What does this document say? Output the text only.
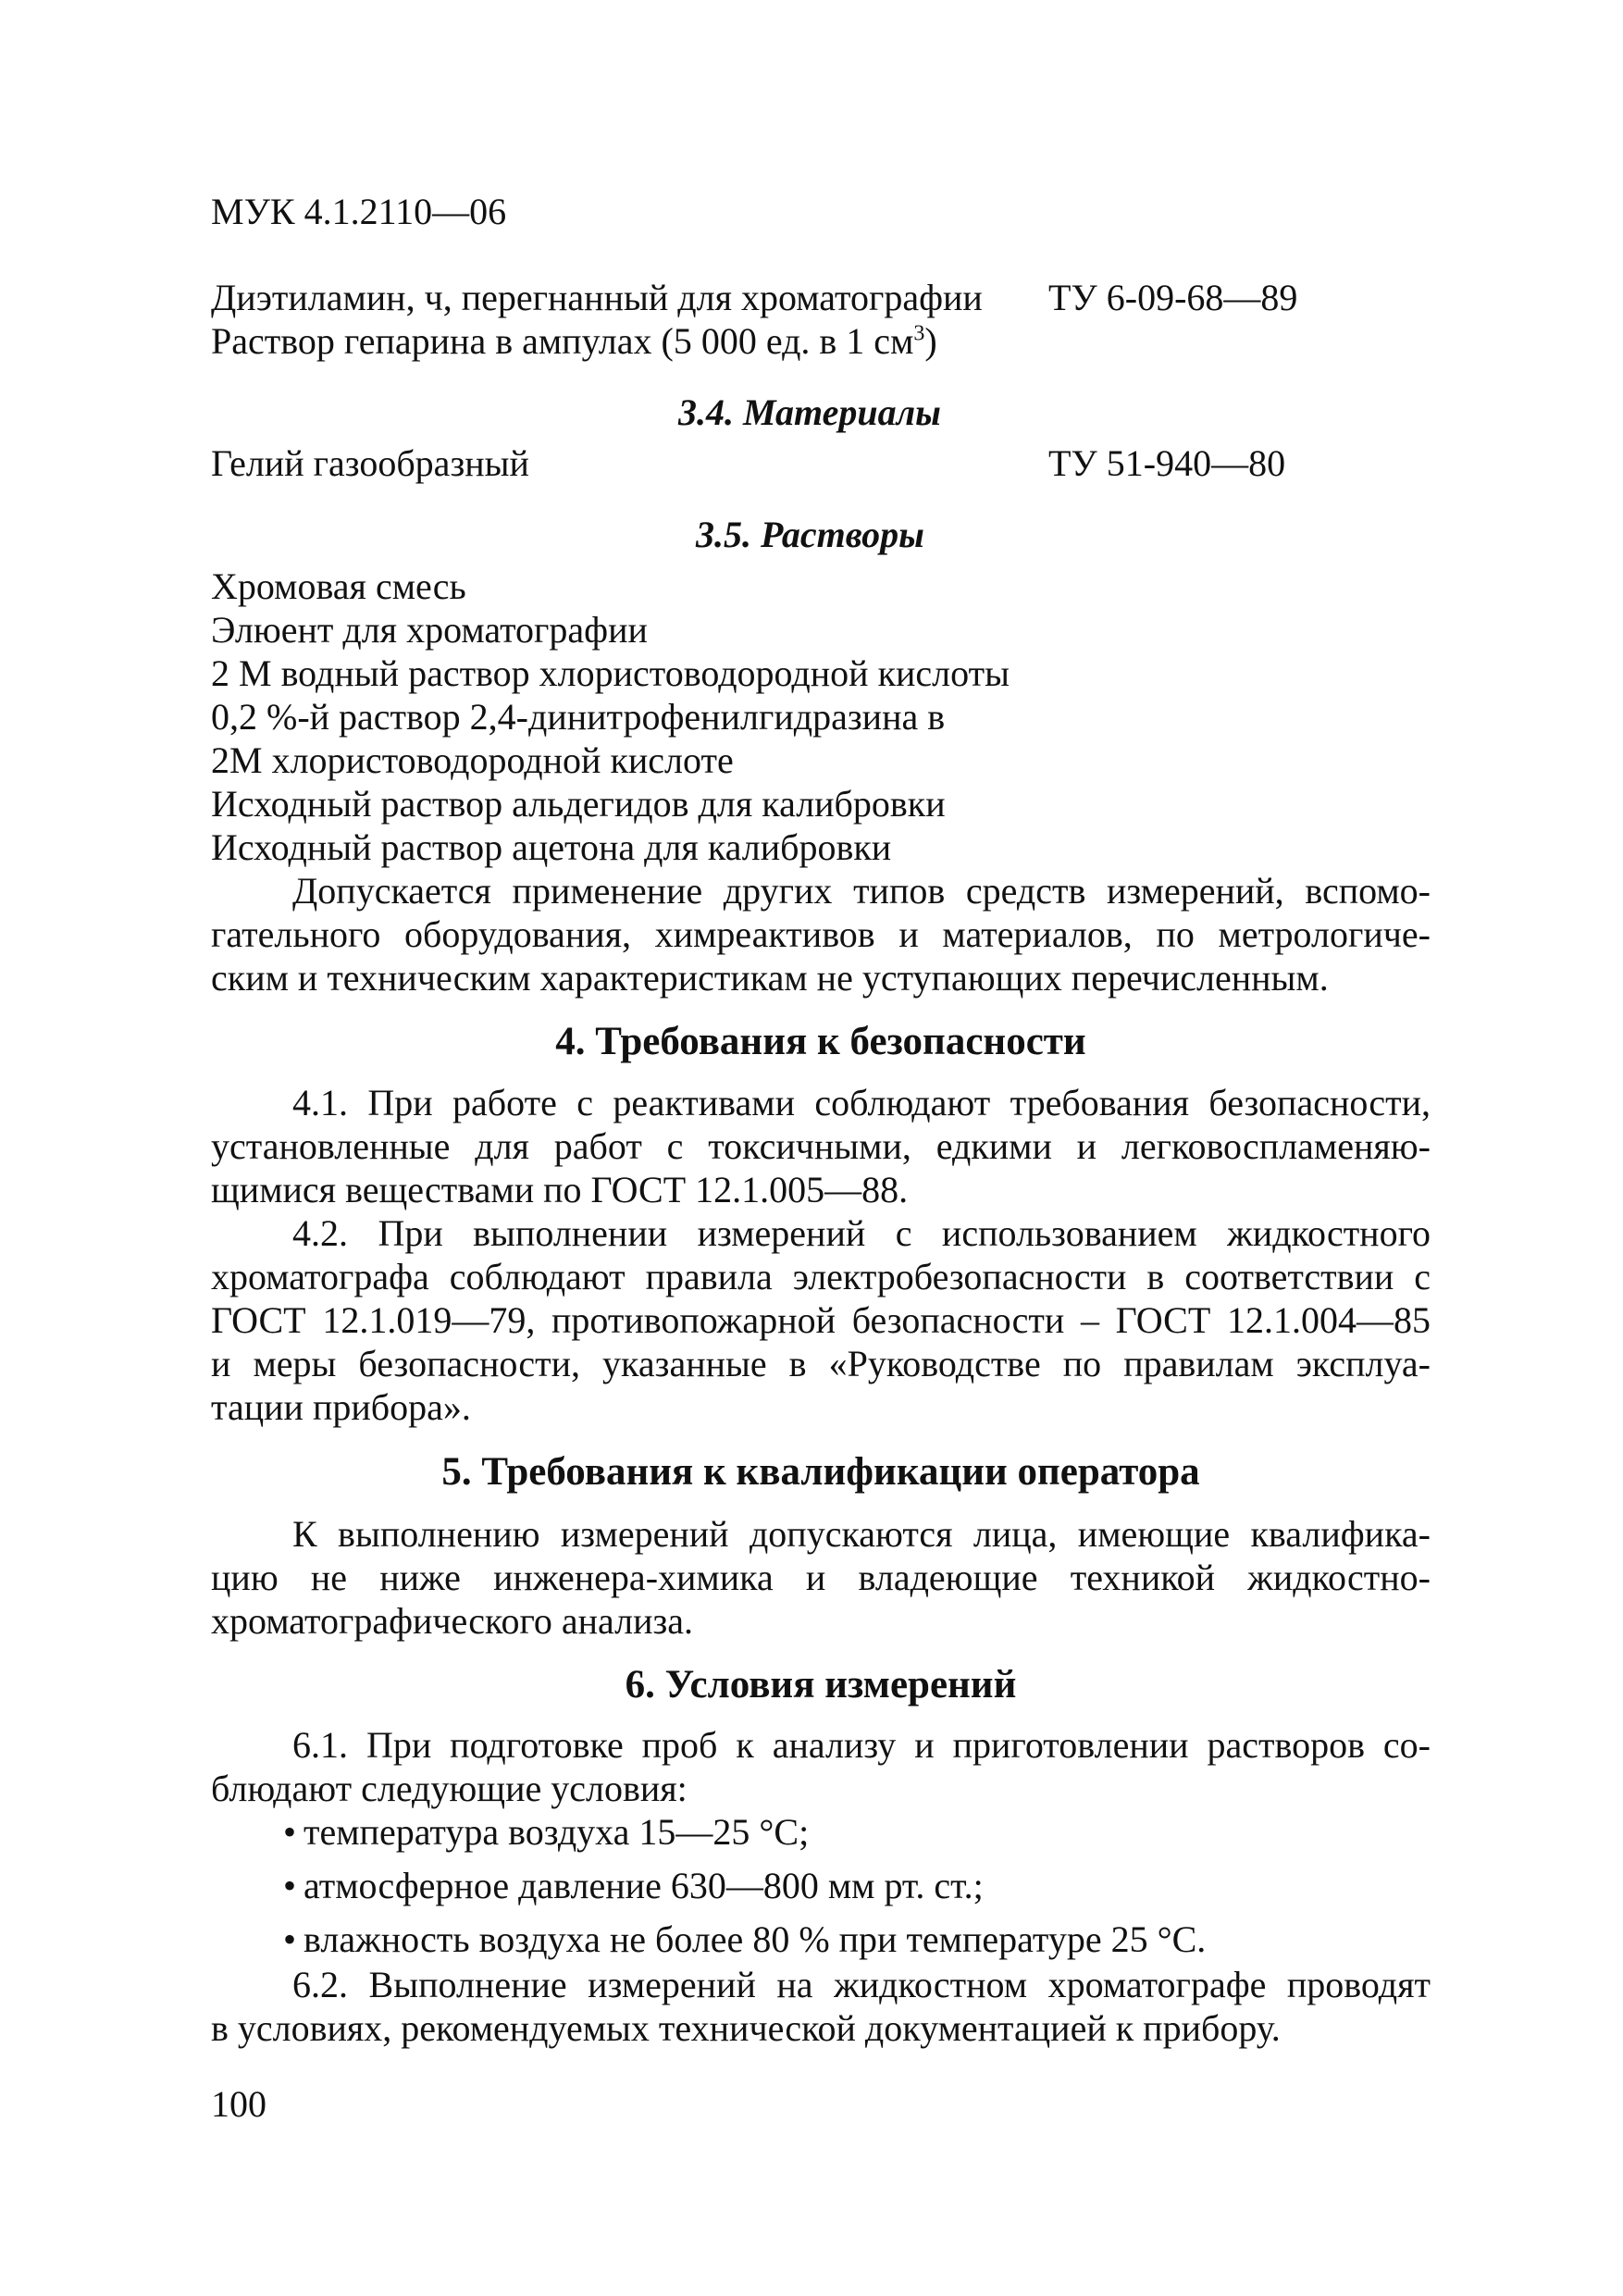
МУК 4.1.2110—06
Диэтиламин, ч, перегнанный для хроматографии ТУ 6-09-68—89
Раствор гепарина в ампулах (5 000 ед. в 1 $см^3$)
3.4. Материалы
Гелий газообразный	ТУ 51-940—80
3.5. Растворы
Хромовая смесь
Элюент для хроматографии
2 М водный раствор хлористоводородной кислоты
0,2 %-й раствор 2,4-динитрофенилгидразина в
2М хлористоводородной кислоте
Исходный раствор альдегидов для калибровки
Исходный раствор ацетона для калибровки
Допускается применение других типов средств измерений, вспомо-
гательного оборудования, химреактивов и материалов, по метрологиче-
ским и техническим характеристикам не уступающих перечисленным.
4. Требования к безопасности
4.1. При работе с реактивами соблюдают требования безопасности,
установленные для работ с токсичными, едкими и легковоспламеняю-
щимися веществами по ГОСТ 12.1.005—88.
4.2. При выполнении измерений с использованием жидкостного
хроматографа соблюдают правила электробезопасности в соответствии с
ГОСТ 12.1.019—79, противопожарной безопасности – ГОСТ 12.1.004—85
и меры безопасности, указанные в «Руководстве по правилам эксплуа-
тации прибора».
5. Требования к квалификации оператора
К выполнению измерений допускаются лица, имеющие квалифика-
цию не ниже инженера-химика и владеющие техникой жидкостно-
хроматографического анализа.
6. Условия измерений
6.1. При подготовке проб к анализу и приготовлении растворов со-
блюдают следующие условия:
• температура воздуха 15—25 °С;
• атмосферное давление 630—800 мм рт. ст.;
• влажность воздуха не более 80 % при температуре 25 °С.
6.2. Выполнение измерений на жидкостном хроматографе проводят
в условиях, рекомендуемых технической документацией к прибору.
100
